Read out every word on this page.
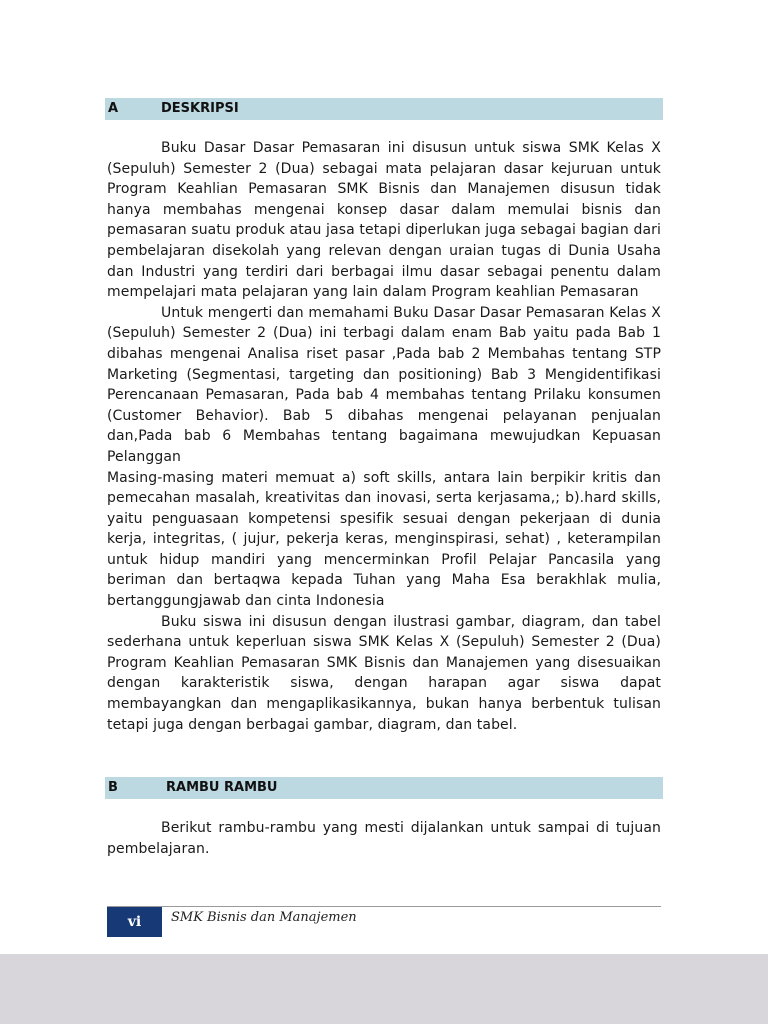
A	DESKRIPSI

Buku Dasar Dasar Pemasaran ini disusun untuk siswa SMK Kelas X (Sepuluh) Semester 2 (Dua) sebagai mata pelajaran dasar kejuruan untuk Program Keahlian Pemasaran SMK Bisnis dan Manajemen disusun tidak hanya membahas mengenai konsep dasar dalam memulai bisnis dan pemasaran suatu produk atau jasa tetapi diperlukan juga sebagai bagian dari pembelajaran disekolah yang relevan dengan uraian tugas di Dunia Usaha dan Industri yang terdiri dari berbagai ilmu dasar sebagai penentu dalam mempelajari mata pelajaran yang lain dalam Program keahlian Pemasaran

Untuk mengerti dan memahami Buku Dasar Dasar Pemasaran Kelas X (Sepuluh) Semester 2 (Dua) ini terbagi dalam enam Bab yaitu pada Bab 1 dibahas mengenai Analisa riset pasar ,Pada bab 2 Membahas tentang STP Marketing (Segmentasi, targeting dan positioning) Bab 3 Mengidentifikasi Perencanaan Pemasaran, Pada bab 4 membahas tentang Prilaku konsumen (Customer Behavior). Bab 5 dibahas mengenai pelayanan penjualan dan,Pada bab 6 Membahas tentang bagaimana mewujudkan Kepuasan Pelanggan

Masing-masing materi memuat a) soft skills, antara lain berpikir kritis dan pemecahan masalah, kreativitas dan inovasi, serta kerjasama,; b).hard skills, yaitu penguasaan kompetensi spesifik sesuai dengan pekerjaan di dunia kerja, integritas, ( jujur, pekerja keras, menginspirasi, sehat) , keterampilan untuk hidup mandiri yang mencerminkan Profil Pelajar Pancasila yang beriman dan bertaqwa kepada Tuhan yang Maha Esa berakhlak mulia, bertanggungjawab dan cinta Indonesia

Buku siswa ini disusun dengan ilustrasi gambar, diagram, dan tabel sederhana untuk keperluan siswa SMK Kelas X (Sepuluh) Semester 2 (Dua) Program Keahlian Pemasaran SMK Bisnis dan Manajemen yang disesuaikan dengan karakteristik siswa, dengan harapan agar siswa dapat membayangkan dan mengaplikasikannya, bukan hanya berbentuk tulisan tetapi juga dengan berbagai gambar, diagram, dan tabel.

B	RAMBU RAMBU

Berikut rambu-rambu yang mesti dijalankan untuk sampai di tujuan pembelajaran.

vi	SMK Bisnis dan Manajemen
